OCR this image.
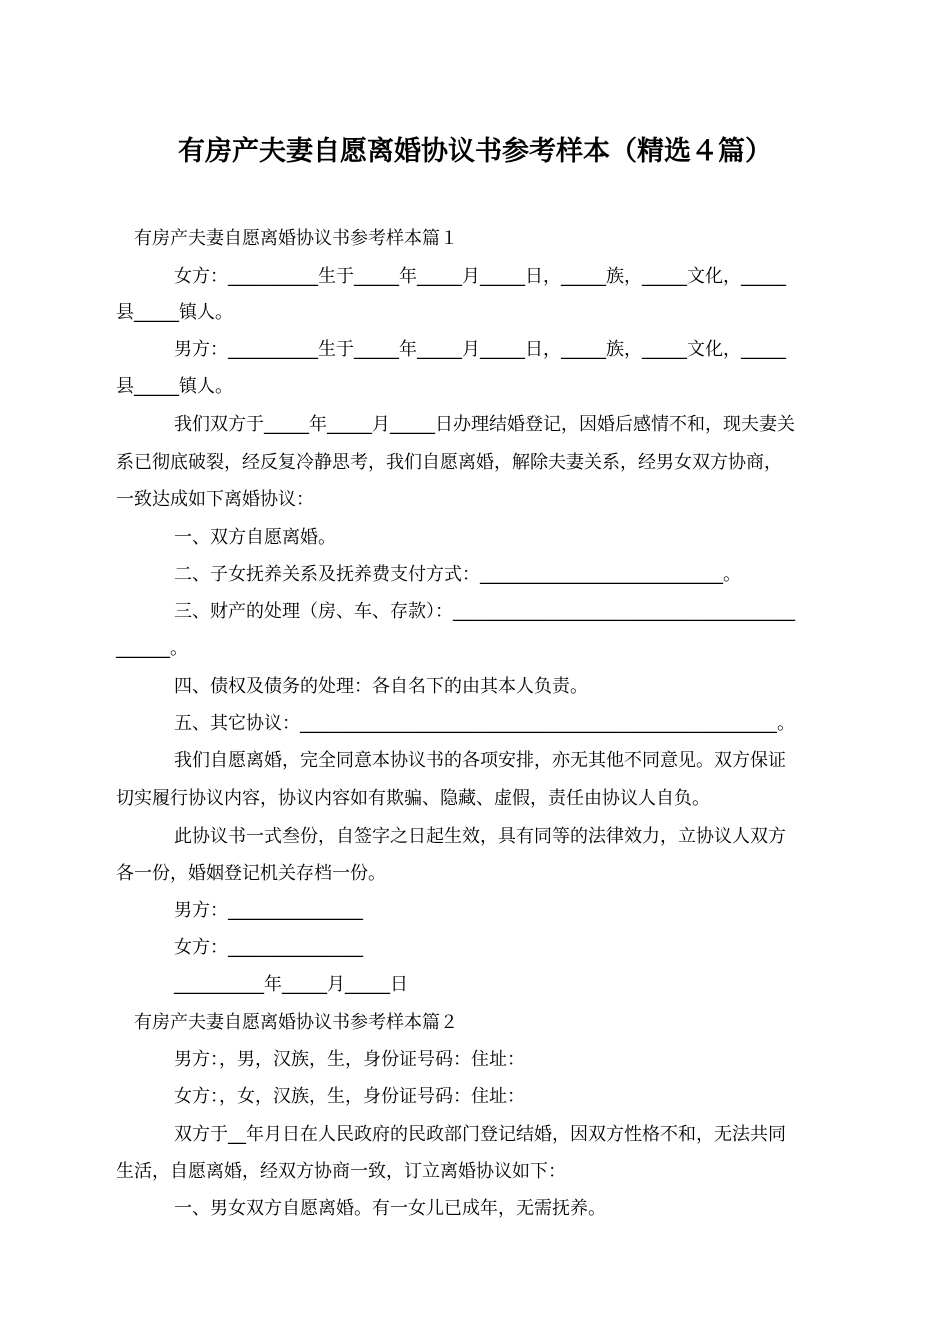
有房产夫妻自愿离婚协议书参考样本（精选４篇）
有房产夫妻自愿离婚协议书参考样本篇１
女方：__________生于_____年_____月_____日，_____族，_____文化，_____
县_____镇人。
男方：__________生于_____年_____月_____日，_____族，_____文化，_____
县_____镇人。
我们双方于_____年_____月_____日办理结婚登记，因婚后感情不和，现夫妻关
系已彻底破裂，经反复冷静思考，我们自愿离婚，解除夫妻关系，经男女双方协商，
一致达成如下离婚协议：
一、双方自愿离婚。
二、子女抚养关系及抚养费支付方式：___________________________。
三、财产的处理（房、车、存款）：______________________________________
______。
四、债权及债务的处理：各自名下的由其本人负责。
五、其它协议：_____________________________________________________。
我们自愿离婚，完全同意本协议书的各项安排，亦无其他不同意见。双方保证
切实履行协议内容，协议内容如有欺骗、隐藏、虚假，责任由协议人自负。
此协议书一式叁份，自签字之日起生效，具有同等的法律效力，立协议人双方
各一份，婚姻登记机关存档一份。
男方：_______________
女方：_______________
__________年_____月_____日
有房产夫妻自愿离婚协议书参考样本篇２
男方：，男，汉族，生，身份证号码：住址：
女方：，女，汉族，生，身份证号码：住址：
双方于__年月日在人民政府的民政部门登记结婚，因双方性格不和，无法共同
生活，自愿离婚，经双方协商一致，订立离婚协议如下：
一、男女双方自愿离婚。有一女儿已成年，无需抚养。
